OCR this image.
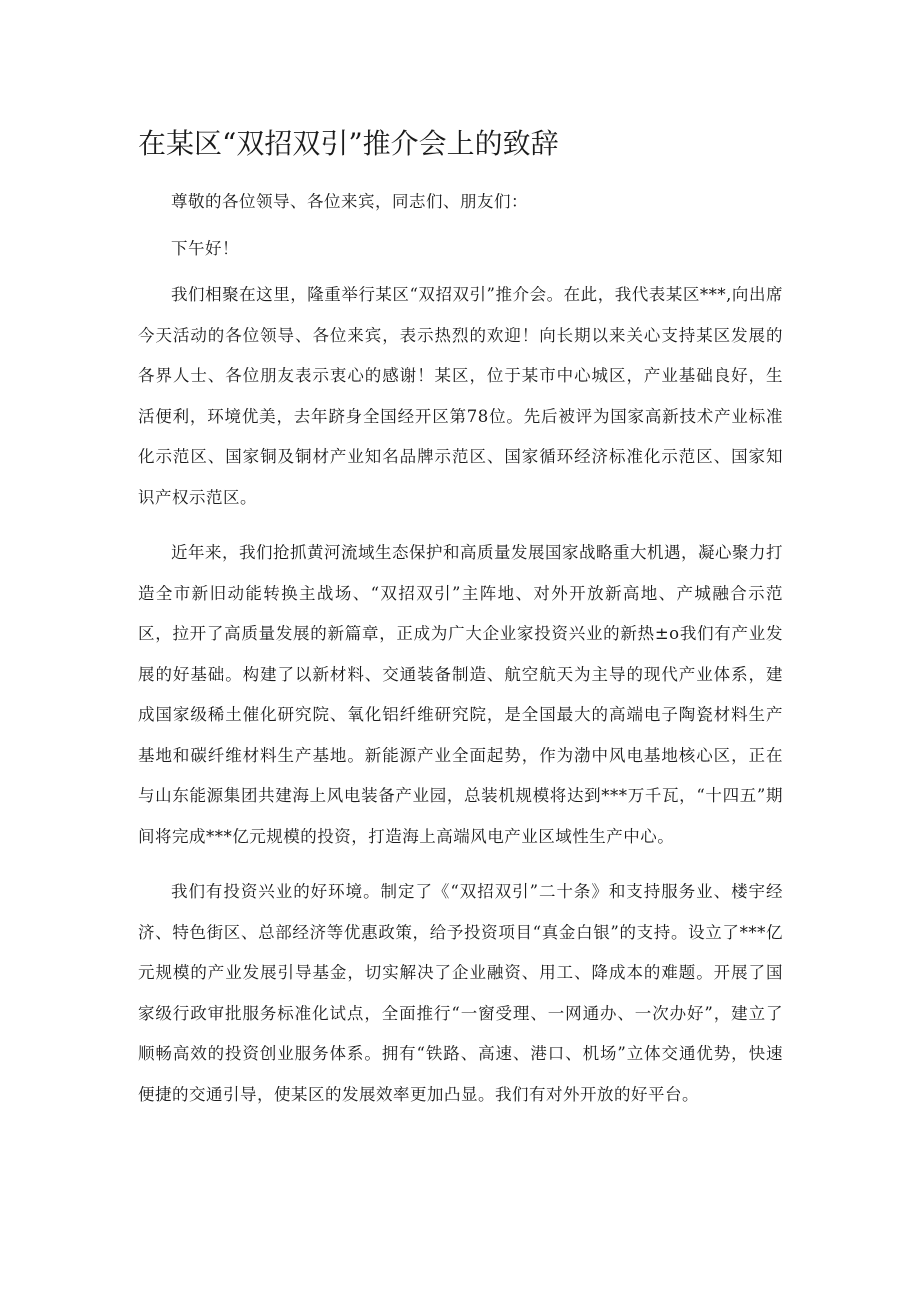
在某区“双招双引”推介会上的致辞

尊敬的各位领导、各位来宾，同志们、朋友们：

下午好！

我们相聚在这里，隆重举行某区“双招双引”推介会。在此，我代表某区***,向出席今天活动的各位领导、各位来宾，表示热烈的欢迎！向长期以来关心支持某区发展的各界人士、各位朋友表示衷心的感谢！某区，位于某市中心城区，产业基础良好，生活便利，环境优美，去年跻身全国经开区第78位。先后被评为国家高新技术产业标准化示范区、国家铜及铜材产业知名品牌示范区、国家循环经济标准化示范区、国家知识产权示范区。

近年来，我们抢抓黄河流域生态保护和高质量发展国家战略重大机遇，凝心聚力打造全市新旧动能转换主战场、“双招双引”主阵地、对外开放新高地、产城融合示范区，拉开了高质量发展的新篇章，正成为广大企业家投资兴业的新热±o我们有产业发展的好基础。构建了以新材料、交通装备制造、航空航天为主导的现代产业体系，建成国家级稀土催化研究院、氧化铝纤维研究院，是全国最大的高端电子陶瓷材料生产基地和碳纤维材料生产基地。新能源产业全面起势，作为渤中风电基地核心区，正在与山东能源集团共建海上风电装备产业园，总装机规模将达到***万千瓦，“十四五”期间将完成***亿元规模的投资，打造海上高端风电产业区域性生产中心。

我们有投资兴业的好环境。制定了《“双招双引”二十条》和支持服务业、楼宇经济、特色街区、总部经济等优惠政策，给予投资项目“真金白银”的支持。设立了***亿元规模的产业发展引导基金，切实解决了企业融资、用工、降成本的难题。开展了国家级行政审批服务标准化试点，全面推行“一窗受理、一网通办、一次办好”，建立了顺畅高效的投资创业服务体系。拥有“铁路、高速、港口、机场”立体交通优势，快速便捷的交通引导，使某区的发展效率更加凸显。我们有对外开放的好平台。
